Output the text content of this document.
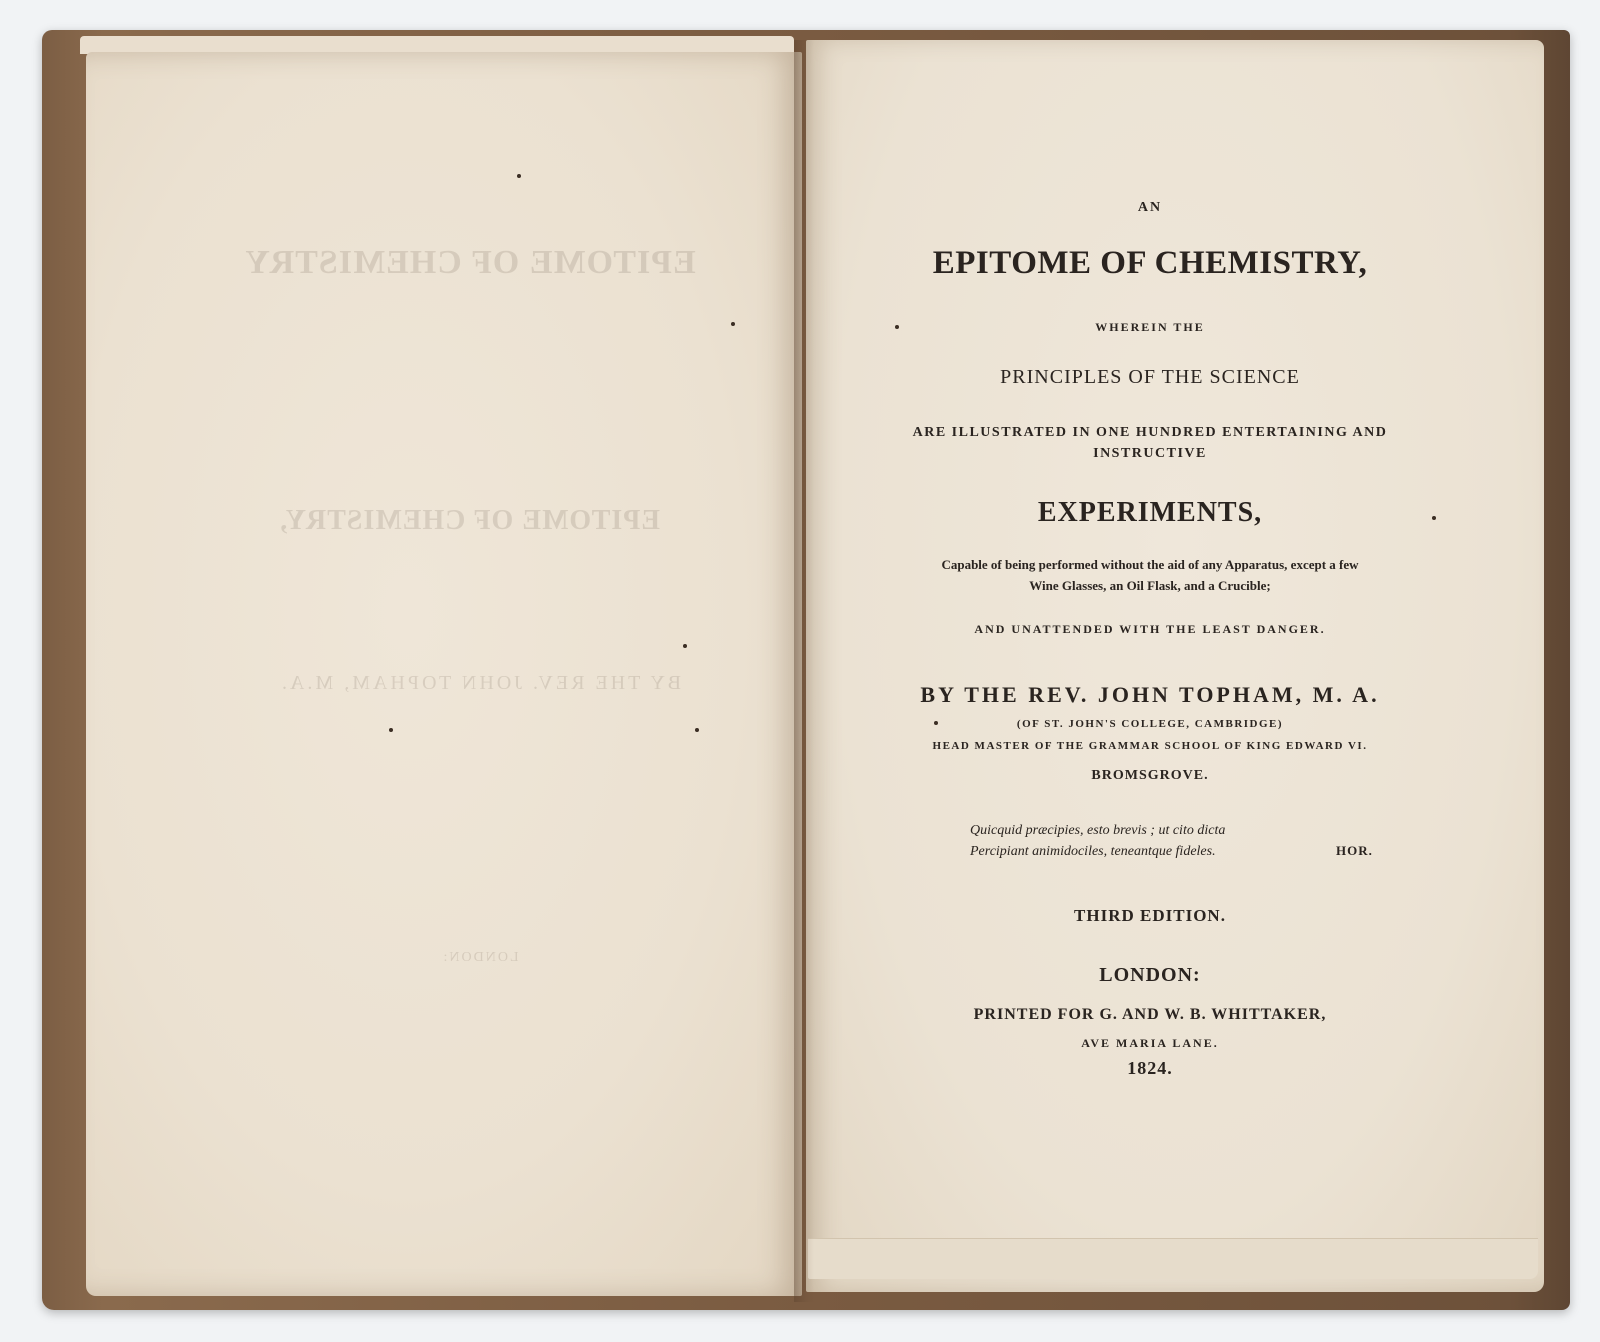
EPITOME OF CHEMISTRY
EPITOME OF CHEMISTRY,
BY THE REV. JOHN TOPHAM, M.A.
LONDON:
AN
EPITOME OF CHEMISTRY,
WHEREIN THE
PRINCIPLES OF THE SCIENCE
ARE ILLUSTRATED IN ONE HUNDRED ENTERTAINING AND
INSTRUCTIVE
EXPERIMENTS,
Capable of being performed without the aid of any Apparatus, except a few
Wine Glasses, an Oil Flask, and a Crucible;
AND UNATTENDED WITH THE LEAST DANGER.
BY THE REV. JOHN TOPHAM, M. A.
(OF ST. JOHN'S COLLEGE, CAMBRIDGE)
HEAD MASTER OF THE GRAMMAR SCHOOL OF KING EDWARD VI.
BROMSGROVE.
Quicquid præcipies, esto brevis ; ut cito dicta
Percipiant animidociles, teneantque fideles.	HOR.
THIRD EDITION.
LONDON:
PRINTED FOR G. AND W. B. WHITTAKER,
AVE MARIA LANE.
1824.
